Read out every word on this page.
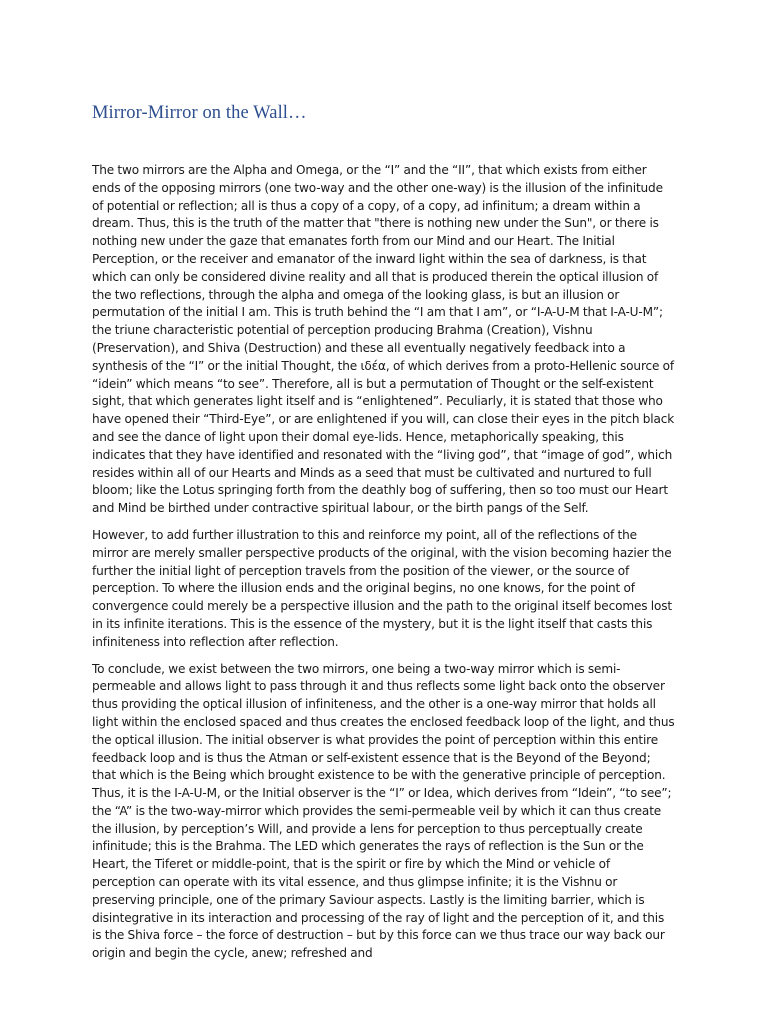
Mirror-Mirror on the Wall…

The two mirrors are the Alpha and Omega, or the “I” and the “II”, that which exists from either ends of the opposing mirrors (one two-way and the other one-way) is the illusion of the infinitude of potential or reflection; all is thus a copy of a copy, of a copy, ad infinitum; a dream within a dream. Thus, this is the truth of the matter that "there is nothing new under the Sun", or there is nothing new under the gaze that emanates forth from our Mind and our Heart. The Initial Perception, or the receiver and emanator of the inward light within the sea of darkness, is that which can only be considered divine reality and all that is produced therein the optical illusion of the two reflections, through the alpha and omega of the looking glass, is but an illusion or permutation of the initial I am. This is truth behind the “I am that I am”, or “I-A-U-M that I-A-U-M”; the triune characteristic potential of perception producing Brahma (Creation), Vishnu (Preservation), and Shiva (Destruction) and these all eventually negatively feedback into a synthesis of the “I” or the initial Thought, the ιδέα, of which derives from a proto-Hellenic source of “idein” which means “to see”. Therefore, all is but a permutation of Thought or the self-existent sight, that which generates light itself and is “enlightened”. Peculiarly, it is stated that those who have opened their “Third-Eye”, or are enlightened if you will, can close their eyes in the pitch black and see the dance of light upon their domal eye-lids. Hence, metaphorically speaking, this indicates that they have identified and resonated with the “living god”, that “image of god”, which resides within all of our Hearts and Minds as a seed that must be cultivated and nurtured to full bloom; like the Lotus springing forth from the deathly bog of suffering, then so too must our Heart and Mind be birthed under contractive spiritual labour, or the birth pangs of the Self.

However, to add further illustration to this and reinforce my point, all of the reflections of the mirror are merely smaller perspective products of the original, with the vision becoming hazier the further the initial light of perception travels from the position of the viewer, or the source of perception. To where the illusion ends and the original begins, no one knows, for the point of convergence could merely be a perspective illusion and the path to the original itself becomes lost in its infinite iterations. This is the essence of the mystery, but it is the light itself that casts this infiniteness into reflection after reflection.

To conclude, we exist between the two mirrors, one being a two-way mirror which is semi-permeable and allows light to pass through it and thus reflects some light back onto the observer thus providing the optical illusion of infiniteness, and the other is a one-way mirror that holds all light within the enclosed spaced and thus creates the enclosed feedback loop of the light, and thus the optical illusion. The initial observer is what provides the point of perception within this entire feedback loop and is thus the Atman or self-existent essence that is the Beyond of the Beyond; that which is the Being which brought existence to be with the generative principle of perception. Thus, it is the I-A-U-M, or the Initial observer is the “I” or Idea, which derives from “Idein”, “to see”; the “A” is the two-way-mirror which provides the semi-permeable veil by which it can thus create the illusion, by perception’s Will, and provide a lens for perception to thus perceptually create infinitude; this is the Brahma. The LED which generates the rays of reflection is the Sun or the Heart, the Tiferet or middle-point, that is the spirit or fire by which the Mind or vehicle of perception can operate with its vital essence, and thus glimpse infinite; it is the Vishnu or preserving principle, one of the primary Saviour aspects. Lastly is the limiting barrier, which is disintegrative in its interaction and processing of the ray of light and the perception of it, and this is the Shiva force – the force of destruction – but by this force can we thus trace our way back our origin and begin the cycle, anew; refreshed and
